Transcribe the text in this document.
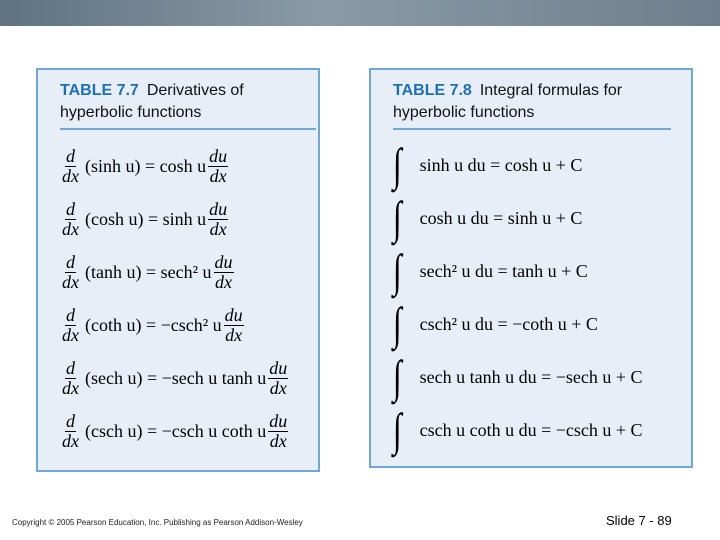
TABLE 7.7 Derivatives of
hyperbolic functions
$\frac{d}{dx} (\sinh$ u) = cosh u $\frac{du}{dx}$
$\frac{d}{dx} (\cosh$ u) = sinh u $\frac{du}{dx}$
$\frac{d}{dx} (\tanh$ u) = sech² u $\frac{du}{dx}$
$\frac{d}{dx} (\cot h$ u) = −csch² u $\frac{du}{dx}$
$\frac{d}{dx} (\sec h$ u) = −sech u tanh u $\frac{du}{dx}$
$\frac{d}{dx} (\csc h$ u) = −csch u coth u $\frac{du}{dx}$
TABLE 7.8 Integral formulas for
hyperbolic functions
∫ sinh u du = cosh u + C
∫ cosh u du = sinh u + C
∫ sech² u du = tanh u + C
∫ csch² u du = −coth u + C
∫ sech u tanh u du = −sech u + C
∫ csch u coth u du = −csch u + C
Copyright © 2005 Pearson Education, Inc. Publishing as Pearson Addison-Wesley	Slide 7 - 89
